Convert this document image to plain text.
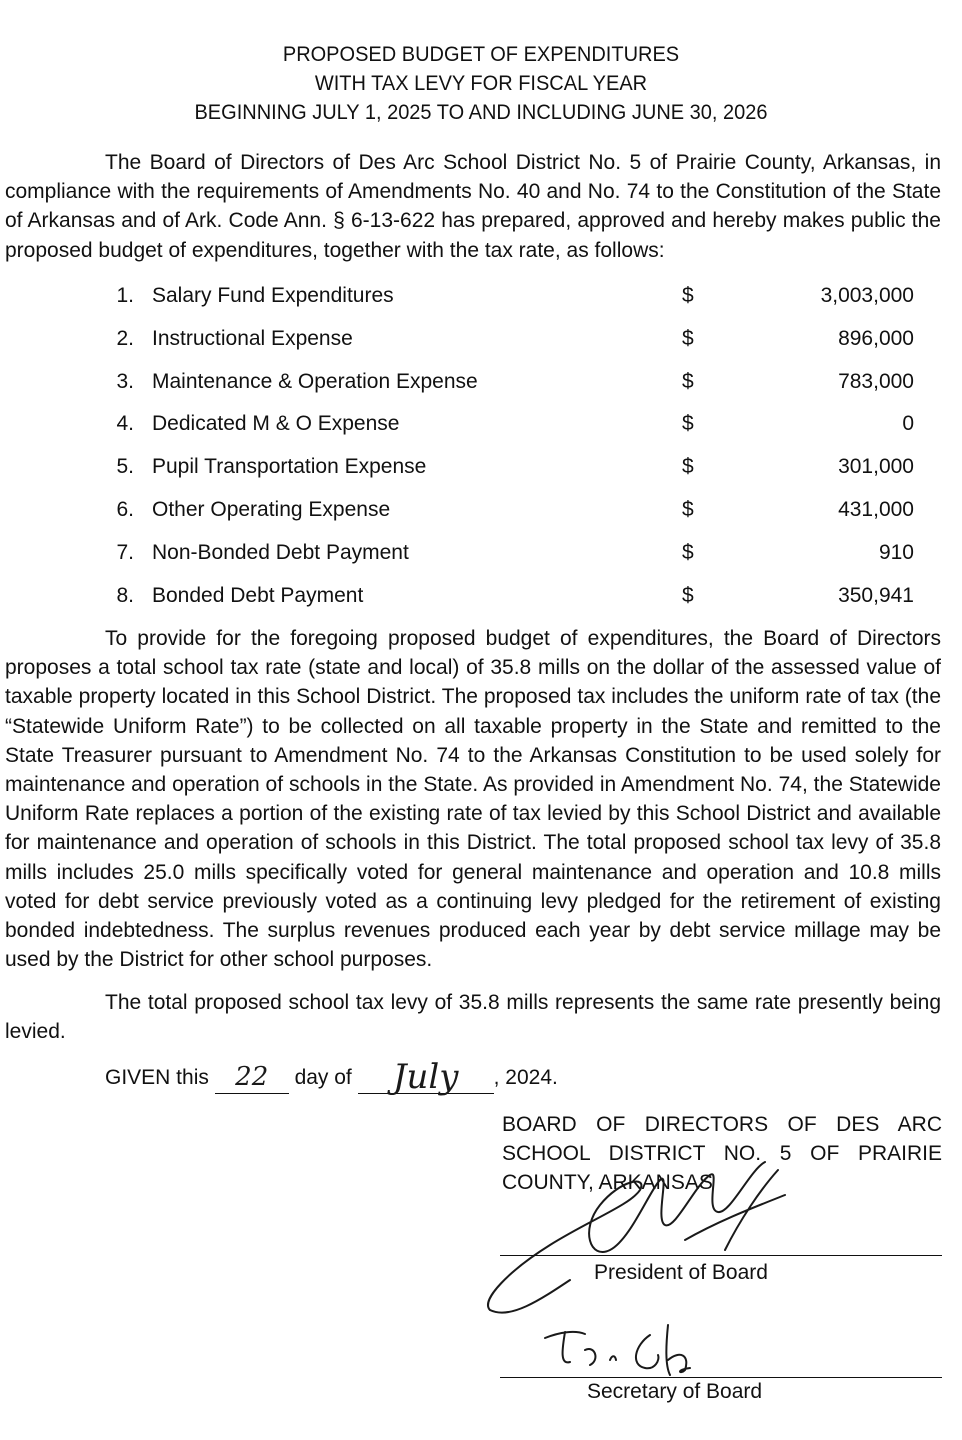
PROPOSED BUDGET OF EXPENDITURES
WITH TAX LEVY FOR FISCAL YEAR
BEGINNING JULY 1, 2025 TO AND INCLUDING JUNE 30, 2026
The Board of Directors of Des Arc School District No. 5 of Prairie County, Arkansas, in compliance with the requirements of Amendments No. 40 and No. 74 to the Constitution of the State of Arkansas and of Ark. Code Ann. § 6-13-622 has prepared, approved and hereby makes public the proposed budget of expenditures, together with the tax rate, as follows:
1. Salary Fund Expenditures	$	3,003,000
2. Instructional Expense	$	896,000
3. Maintenance & Operation Expense	$	783,000
4. Dedicated M & O Expense	$	0
5. Pupil Transportation Expense	$	301,000
6. Other Operating Expense	$	431,000
7. Non-Bonded Debt Payment	$	910
8. Bonded Debt Payment	$	350,941
To provide for the foregoing proposed budget of expenditures, the Board of Directors proposes a total school tax rate (state and local) of 35.8 mills on the dollar of the assessed value of taxable property located in this School District. The proposed tax includes the uniform rate of tax (the “Statewide Uniform Rate”) to be collected on all taxable property in the State and remitted to the State Treasurer pursuant to Amendment No. 74 to the Arkansas Constitution to be used solely for maintenance and operation of schools in the State. As provided in Amendment No. 74, the Statewide Uniform Rate replaces a portion of the existing rate of tax levied by this School District and available for maintenance and operation of schools in this District. The total proposed school tax levy of 35.8 mills includes 25.0 mills specifically voted for general maintenance and operation and 10.8 mills voted for debt service previously voted as a continuing levy pledged for the retirement of existing bonded indebtedness. The surplus revenues produced each year by debt service millage may be used by the District for other school purposes.
The total proposed school tax levy of 35.8 mills represents the same rate presently being levied.
GIVEN this	22	day of	July	, 2024.
BOARD OF DIRECTORS OF DES ARC SCHOOL DISTRICT NO. 5 OF PRAIRIE COUNTY, ARKANSAS
President of Board
Secretary of Board
